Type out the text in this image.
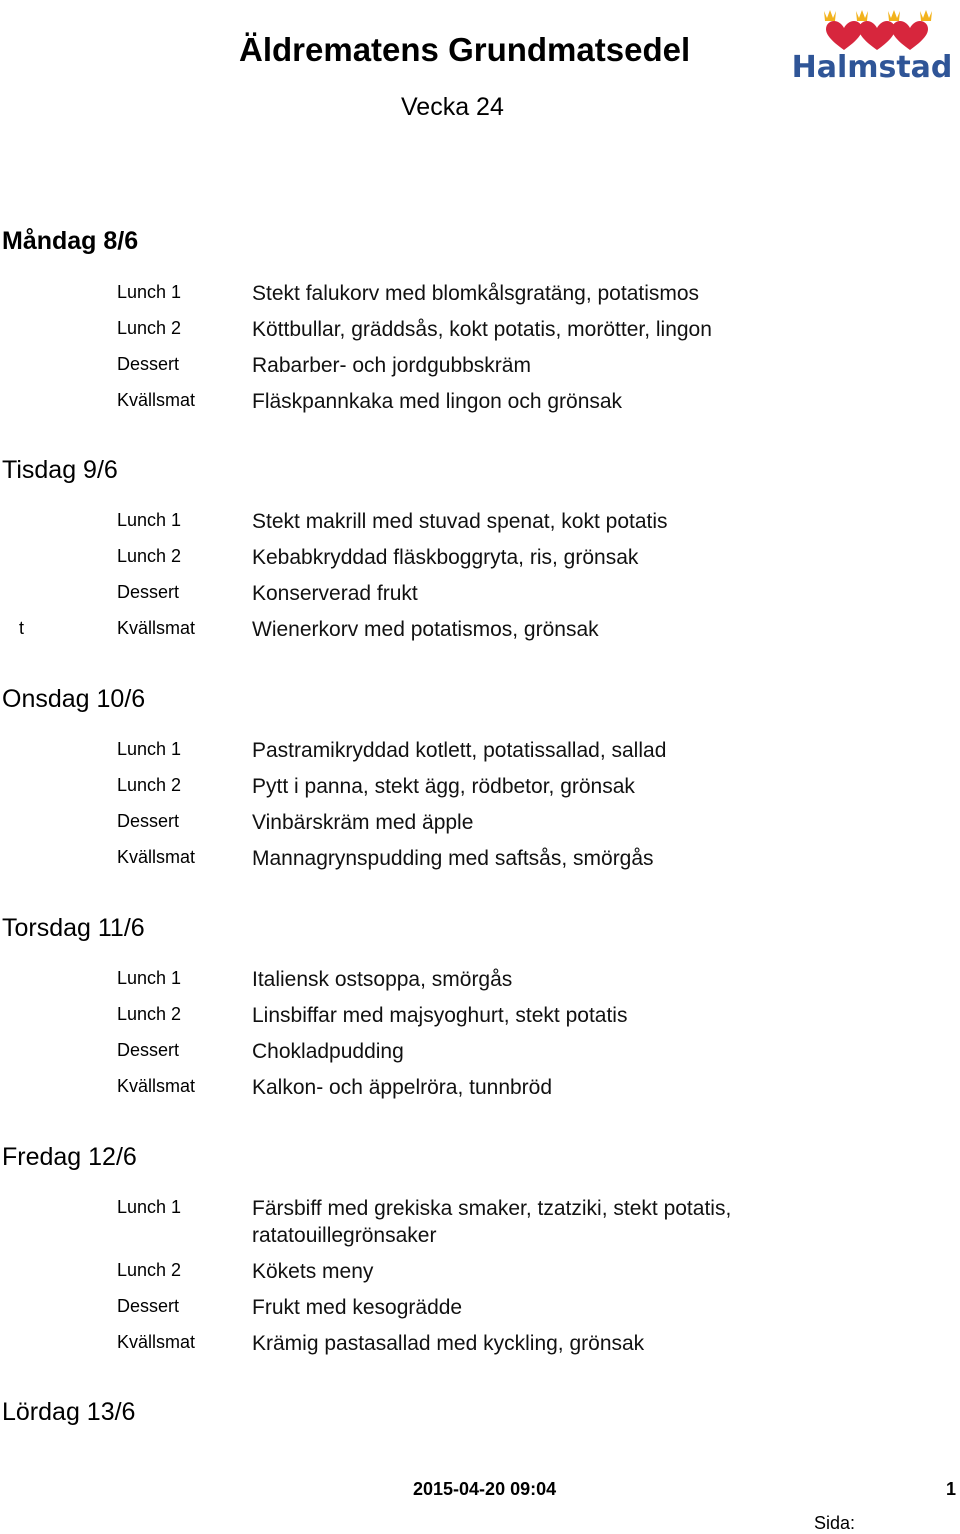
Äldrematens Grundmatsedel
Vecka 24
Halmstad
Måndag 8/6
Lunch 1	Stekt falukorv med blomkålsgratäng, potatismos
Lunch 2	Köttbullar, gräddsås, kokt potatis, morötter, lingon
Dessert	Rabarber- och jordgubbskräm
Kvällsmat	Fläskpannkaka med lingon och grönsak
Tisdag 9/6
Lunch 1	Stekt makrill med stuvad spenat, kokt potatis
Lunch 2	Kebabkryddad fläskboggryta, ris, grönsak
Dessert	Konserverad frukt
t	Kvällsmat	Wienerkorv med potatismos, grönsak
Onsdag 10/6
Lunch 1	Pastramikryddad kotlett, potatissallad, sallad
Lunch 2	Pytt i panna, stekt ägg, rödbetor, grönsak
Dessert	Vinbärskräm med äpple
Kvällsmat	Mannagrynspudding med saftsås, smörgås
Torsdag 11/6
Lunch 1	Italiensk ostsoppa, smörgås
Lunch 2	Linsbiffar med majsyoghurt, stekt potatis
Dessert	Chokladpudding
Kvällsmat	Kalkon- och äppelröra, tunnbröd
Fredag 12/6
Lunch 1	Färsbiff med grekiska smaker, tzatziki, stekt potatis, ratatouillegrönsaker
Lunch 2	Kökets meny
Dessert	Frukt med kesogrädde
Kvällsmat	Krämig pastasallad med kyckling, grönsak
Lördag 13/6
2015-04-20 09:04	1
Sida:
